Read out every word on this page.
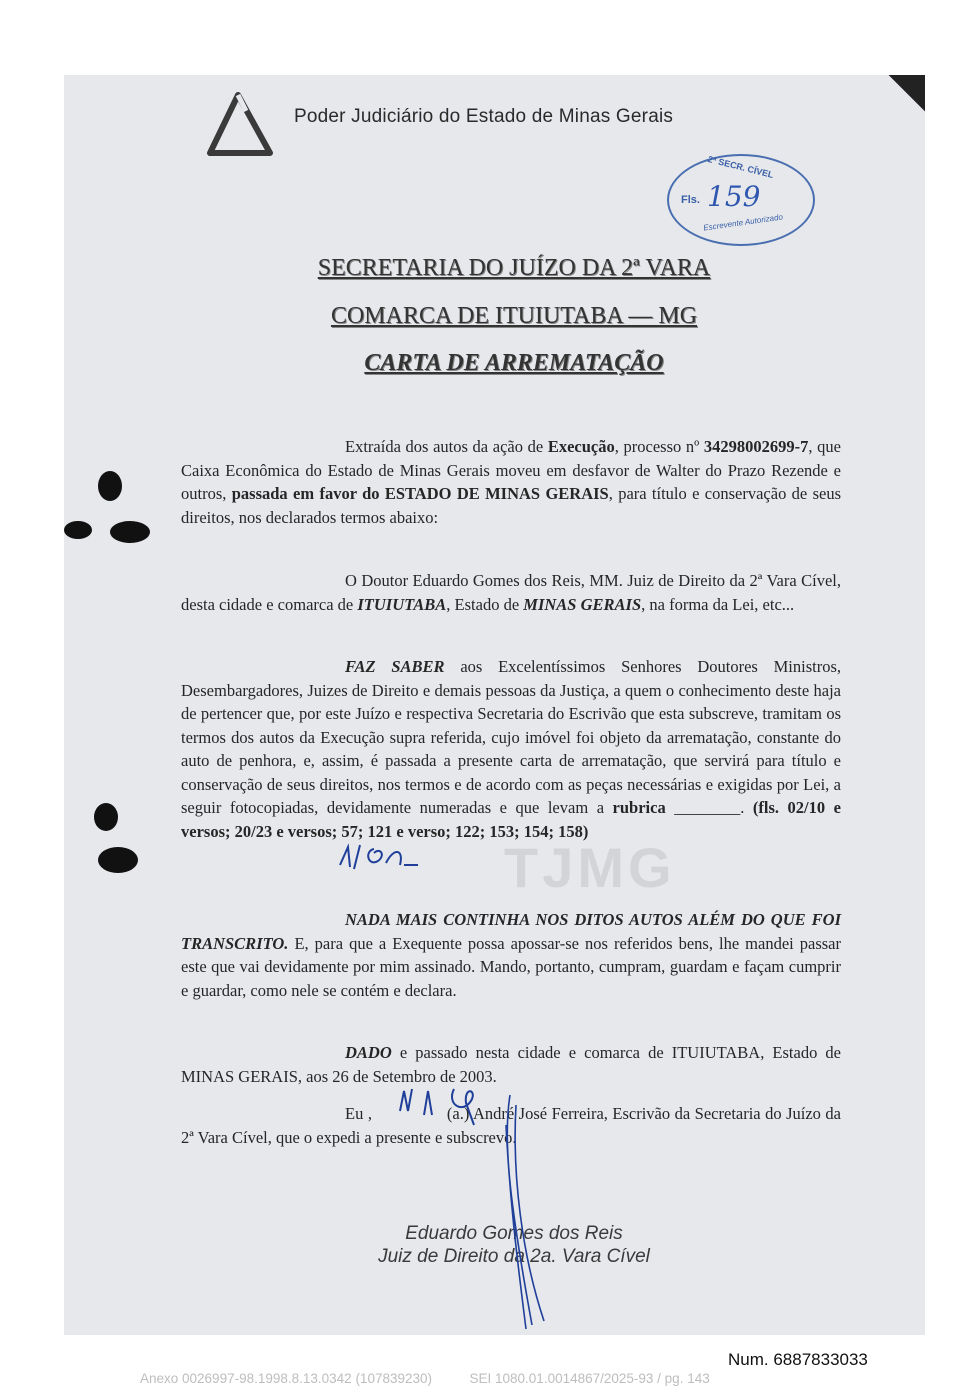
Poder Judiciário do Estado de Minas Gerais
2ª SECR. CÍVEL
Fls. 159
Escrevente Autorizado
SECRETARIA DO JUÍZO DA 2ª VARA
COMARCA DE ITUIUTABA — MG
CARTA DE ARREMATAÇÃO
TJMG

Extraída dos autos da ação de Execução, processo nº 34298002699-7, que Caixa Econômica do Estado de Minas Gerais moveu em desfavor de Walter do Prazo Rezende e outros, passada em favor do ESTADO DE MINAS GERAIS, para título e conservação de seus direitos, nos declarados termos abaixo:

O Doutor Eduardo Gomes dos Reis, MM. Juiz de Direito da 2ª Vara Cível, desta cidade e comarca de ITUIUTABA, Estado de MINAS GERAIS, na forma da Lei, etc...

FAZ SABER aos Excelentíssimos Senhores Doutores Ministros, Desembargadores, Juizes de Direito e demais pessoas da Justiça, a quem o conhecimento deste haja de pertencer que, por este Juízo e respectiva Secretaria do Escrivão que esta subscreve, tramitam os termos dos autos da Execução supra referida, cujo imóvel foi objeto da arrematação, constante do auto de penhora, e, assim, é passada a presente carta de arrematação, que servirá para título e conservação de seus direitos, nos termos e de acordo com as peças necessárias e exigidas por Lei, a seguir fotocopiadas, devidamente numeradas e que levam a rubrica ________. (fls. 02/10 e versos; 20/23 e versos; 57; 121 e verso; 122; 153; 154; 158)

NADA MAIS CONTINHA NOS DITOS AUTOS ALÉM DO QUE FOI TRANSCRITO. E, para que a Exequente possa apossar-se nos referidos bens, lhe mandei passar este que vai devidamente por mim assinado. Mando, portanto, cumpram, guardam e façam cumprir e guardar, como nele se contém e declara.

DADO e passado nesta cidade e comarca de ITUIUTABA, Estado de MINAS GERAIS, aos 26 de Setembro de 2003.

Eu ,	(a.) André José Ferreira, Escrivão da Secretaria do Juízo da 2ª Vara Cível, que o expedi a presente e subscrevo.

Eduardo Gomes dos Reis
Juiz de Direito da 2a. Vara Cível
Num. 6887833033
Anexo 0026997-98.1998.8.13.0342 (107839230)          SEI 1080.01.0014867/2025-93 / pg. 143
